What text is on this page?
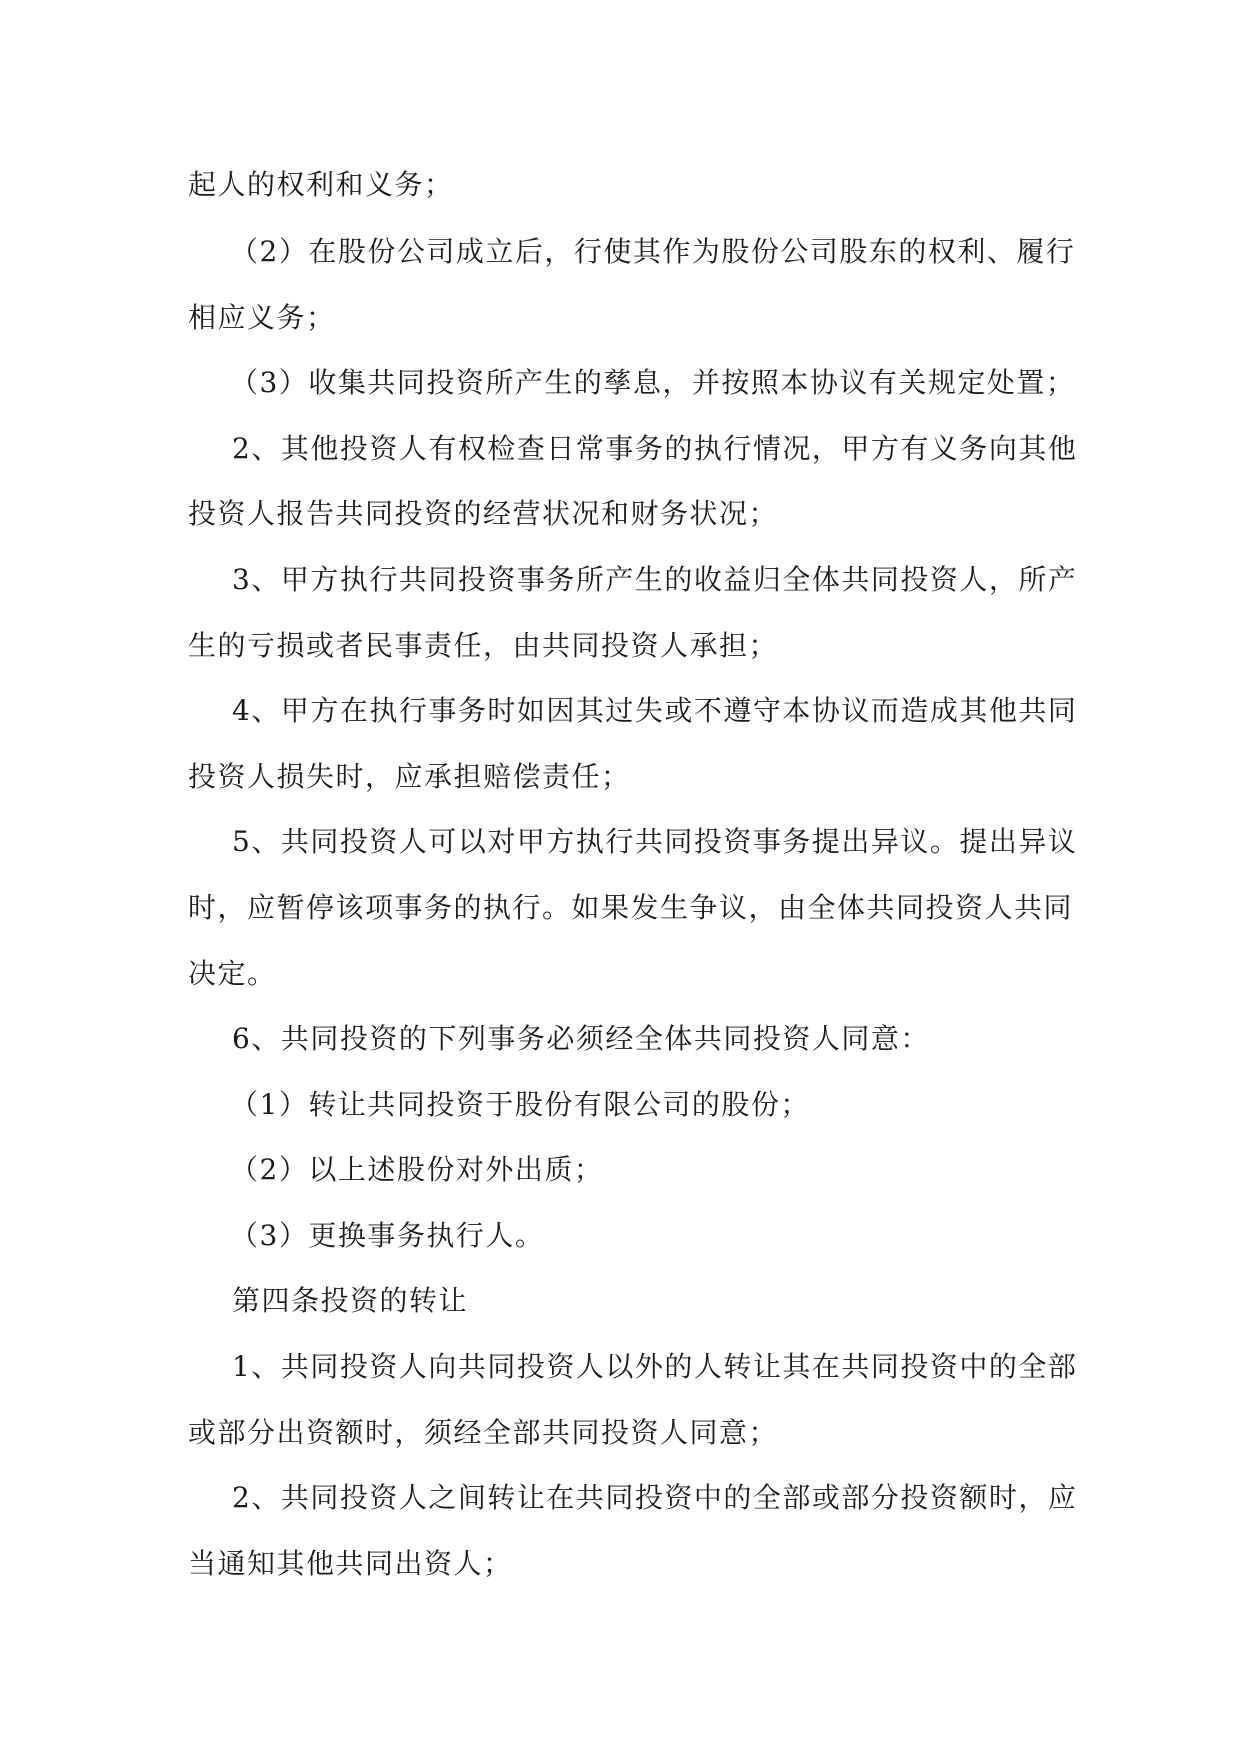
起人的权利和义务；
（2）在股份公司成立后，行使其作为股份公司股东的权利、履行
相应义务；
（3）收集共同投资所产生的孳息，并按照本协议有关规定处置；
2、其他投资人有权检查日常事务的执行情况，甲方有义务向其他
投资人报告共同投资的经营状况和财务状况；
3、甲方执行共同投资事务所产生的收益归全体共同投资人，所产
生的亏损或者民事责任，由共同投资人承担；
4、甲方在执行事务时如因其过失或不遵守本协议而造成其他共同
投资人损失时，应承担赔偿责任；
5、共同投资人可以对甲方执行共同投资事务提出异议。提出异议
时，应暂停该项事务的执行。如果发生争议，由全体共同投资人共同
决定。
6、共同投资的下列事务必须经全体共同投资人同意：
（1）转让共同投资于股份有限公司的股份；
（2）以上述股份对外出质；
（3）更换事务执行人。
第四条投资的转让
1、共同投资人向共同投资人以外的人转让其在共同投资中的全部
或部分出资额时，须经全部共同投资人同意；
2、共同投资人之间转让在共同投资中的全部或部分投资额时，应
当通知其他共同出资人；
